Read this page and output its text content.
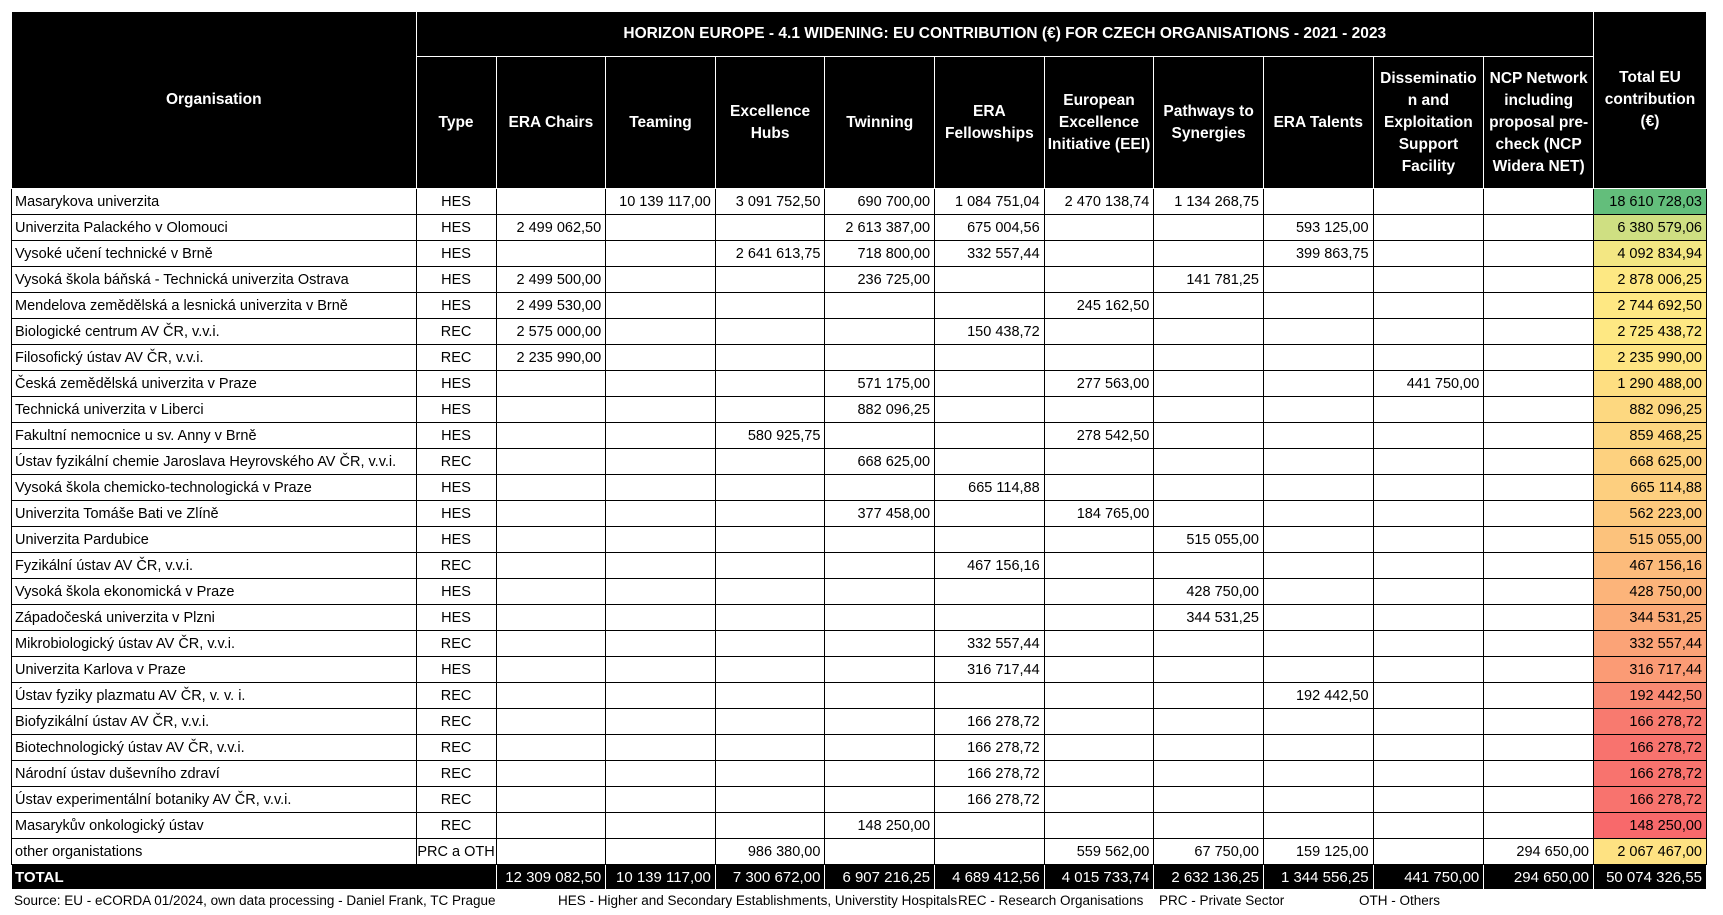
Organisation	HORIZON EUROPE - 4.1 WIDENING: EU CONTRIBUTION (€) FOR CZECH ORGANISATIONS - 2021 - 2023											Total EU contribution (€)
	Type	ERA Chairs	Teaming	Excellence Hubs	Twinning	ERA Fellowships	European Excellence Initiative (EEI)	Pathways to Synergies	ERA Talents	Disseminatio n and Exploitation Support Facility	NCP Network including proposal pre-check (NCP Widera NET)	
Masarykova univerzita	HES		10 139 117,00	3 091 752,50	690 700,00	1 084 751,04	2 470 138,74	1 134 268,75				18 610 728,03
Univerzita Palackého v Olomouci	HES	2 499 062,50			2 613 387,00	675 004,56			593 125,00			6 380 579,06
Vysoké učení technické v Brně	HES			2 641 613,75	718 800,00	332 557,44			399 863,75			4 092 834,94
Vysoká škola báňská - Technická univerzita Ostrava	HES	2 499 500,00			236 725,00			141 781,25				2 878 006,25
Mendelova zemědělská a lesnická univerzita v Brně	HES	2 499 530,00					245 162,50					2 744 692,50
Biologické centrum AV ČR, v.v.i.	REC	2 575 000,00				150 438,72						2 725 438,72
Filosofický ústav AV ČR, v.v.i.	REC	2 235 990,00										2 235 990,00
Česká zemědělská univerzita v Praze	HES				571 175,00		277 563,00			441 750,00		1 290 488,00
Technická univerzita v Liberci	HES				882 096,25							882 096,25
Fakultní nemocnice u sv. Anny v Brně	HES			580 925,75			278 542,50					859 468,25
Ústav fyzikální chemie Jaroslava Heyrovského AV ČR, v.v.i.	REC				668 625,00							668 625,00
Vysoká škola chemicko-technologická v Praze	HES					665 114,88						665 114,88
Univerzita Tomáše Bati ve Zlíně	HES				377 458,00		184 765,00					562 223,00
Univerzita Pardubice	HES							515 055,00				515 055,00
Fyzikální ústav AV ČR, v.v.i.	REC					467 156,16						467 156,16
Vysoká škola ekonomická v Praze	HES							428 750,00				428 750,00
Západočeská univerzita v Plzni	HES							344 531,25				344 531,25
Mikrobiologický ústav AV ČR, v.v.i.	REC					332 557,44						332 557,44
Univerzita Karlova v Praze	HES					316 717,44						316 717,44
Ústav fyziky plazmatu AV ČR, v. v. i.	REC								192 442,50			192 442,50
Biofyzikální ústav AV ČR, v.v.i.	REC					166 278,72						166 278,72
Biotechnologický ústav AV ČR, v.v.i.	REC					166 278,72						166 278,72
Národní ústav duševního zdraví	REC					166 278,72						166 278,72
Ústav experimentální botaniky AV ČR, v.v.i.	REC					166 278,72						166 278,72
Masarykův onkologický ústav	REC				148 250,00							148 250,00
other organistations	PRC a OTH			986 380,00			559 562,00	67 750,00	159 125,00		294 650,00	2 067 467,00
TOTAL		12 309 082,50	10 139 117,00	7 300 672,00	6 907 216,25	4 689 412,56	4 015 733,74	2 632 136,25	1 344 556,25	441 750,00	294 650,00	50 074 326,55
Source: EU - eCORDA 01/2024, own data processing - Daniel Frank, TC Prague	HES - Higher and Secondary Establishments, Universtity Hospitals REC - Research Organisations PRC - Private Sector	OTH - Others
